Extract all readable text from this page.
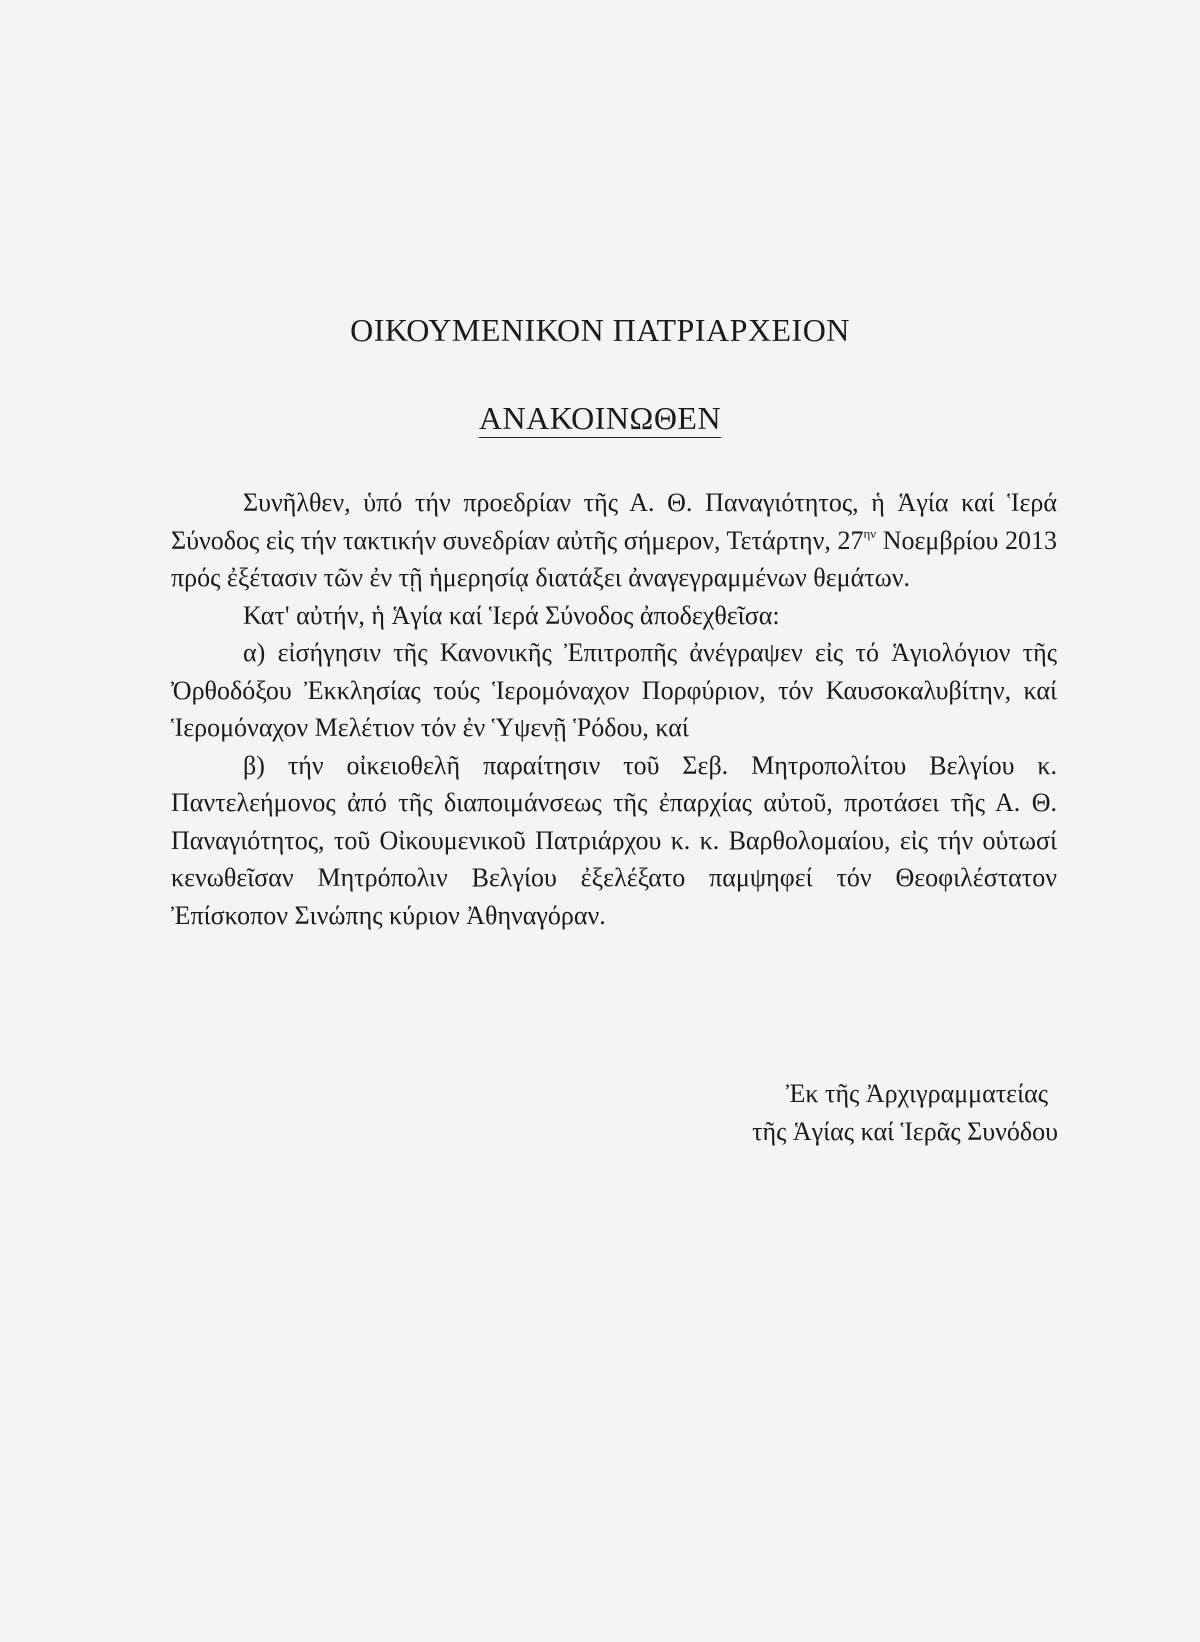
ΟΙΚΟΥΜΕΝΙΚΟΝ ΠΑΤΡΙΑΡΧΕΙΟΝ
ΑΝΑΚΟΙΝΩΘΕΝ

Συνῆλθεν, ὑπό τήν προεδρίαν τῆς Α. Θ. Παναγιότητος, ἡ Ἁγία καί Ἱερά Σύνοδος εἰς τήν τακτικήν συνεδρίαν αὐτῆς σήμερον, Τετάρτην, $27^{\eta\nu}$ Νοεμβρίου 2013 πρός ἐξέτασιν τῶν ἐν τῇ ἡμερησίᾳ διατάξει ἀναγεγραμμένων θεμάτων.

Κατ' αὐτήν, ἡ Ἁγία καί Ἱερά Σύνοδος ἀποδεχθεῖσα:

α) εἰσήγησιν τῆς Κανονικῆς Ἐπιτροπῆς ἀνέγραψεν εἰς τό Ἁγιολόγιον τῆς Ὀρθοδόξου Ἐκκλησίας τούς Ἱερομόναχον Πορφύριον, τόν Καυσοκαλυβίτην, καί Ἱερομόναχον Μελέτιον τόν ἐν Ὑψενῇ Ῥόδου, καί

β) τήν οἰκειοθελῆ παραίτησιν τοῦ Σεβ. Μητροπολίτου Βελγίου κ. Παντελεήμονος ἀπό τῆς διαποιμάνσεως τῆς ἐπαρχίας αὐτοῦ, προτάσει τῆς Α. Θ. Παναγιότητος, τοῦ Οἰκουμενικοῦ Πατριάρχου κ. κ. Βαρθολομαίου, εἰς τήν οὑτωσί κενωθεῖσαν Μητρόπολιν Βελγίου ἐξελέξατο παμψηφεί τόν Θεοφιλέστατον Ἐπίσκοπον Σινώπης κύριον Ἀθηναγόραν.

Ἐκ τῆς Ἀρχιγραμματείας
τῆς Ἁγίας καί Ἱερᾶς Συνόδου
